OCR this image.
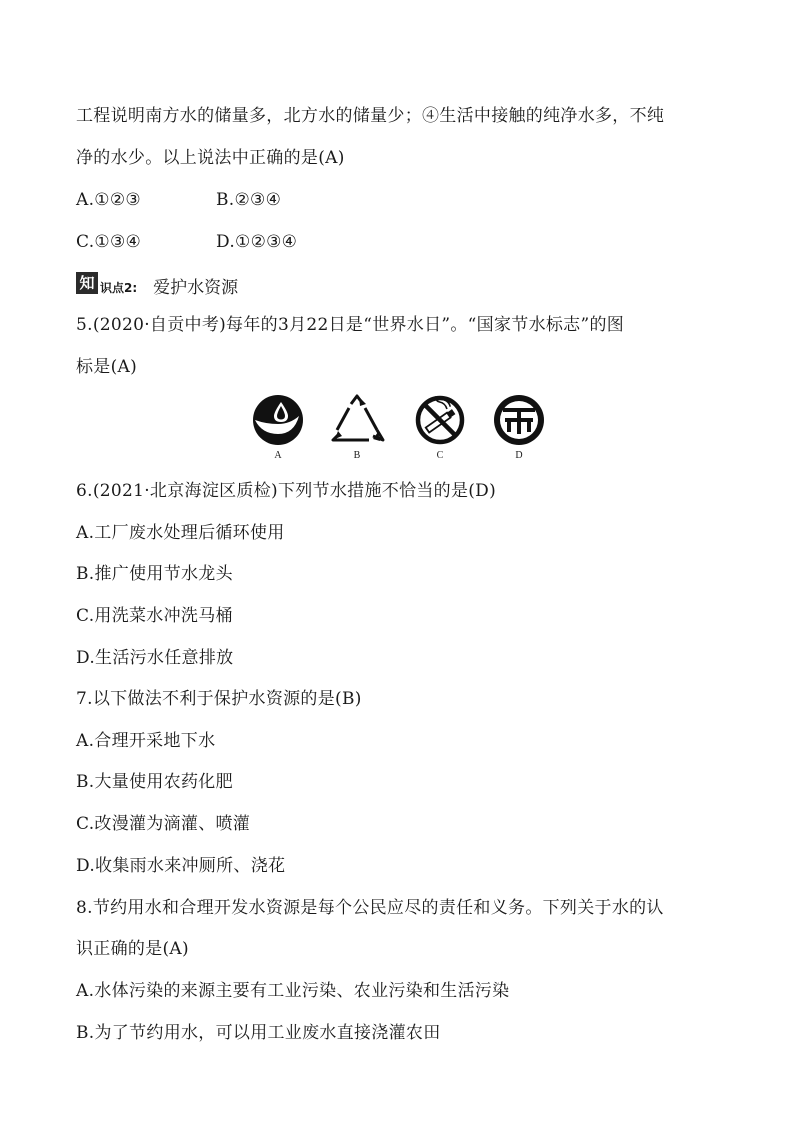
工程说明南方水的储量多，北方水的储量少；④生活中接触的纯净水多，不纯
净的水少。以上说法中正确的是(A)
A.①②③	B.②③④
C.①③④	D.①②③④
知 识点2: 爱护水资源
5.(2020·自贡中考)每年的3月22日是“世界水日”。“国家节水标志”的图
标是(A)
A	B	C	D
6.(2021·北京海淀区质检)下列节水措施不恰当的是(D)
A.工厂废水处理后循环使用
B.推广使用节水龙头
C.用洗菜水冲洗马桶
D.生活污水任意排放
7.以下做法不利于保护水资源的是(B)
A.合理开采地下水
B.大量使用农药化肥
C.改漫灌为滴灌、喷灌
D.收集雨水来冲厕所、浇花
8.节约用水和合理开发水资源是每个公民应尽的责任和义务。下列关于水的认
识正确的是(A)
A.水体污染的来源主要有工业污染、农业污染和生活污染
B.为了节约用水，可以用工业废水直接浇灌农田
